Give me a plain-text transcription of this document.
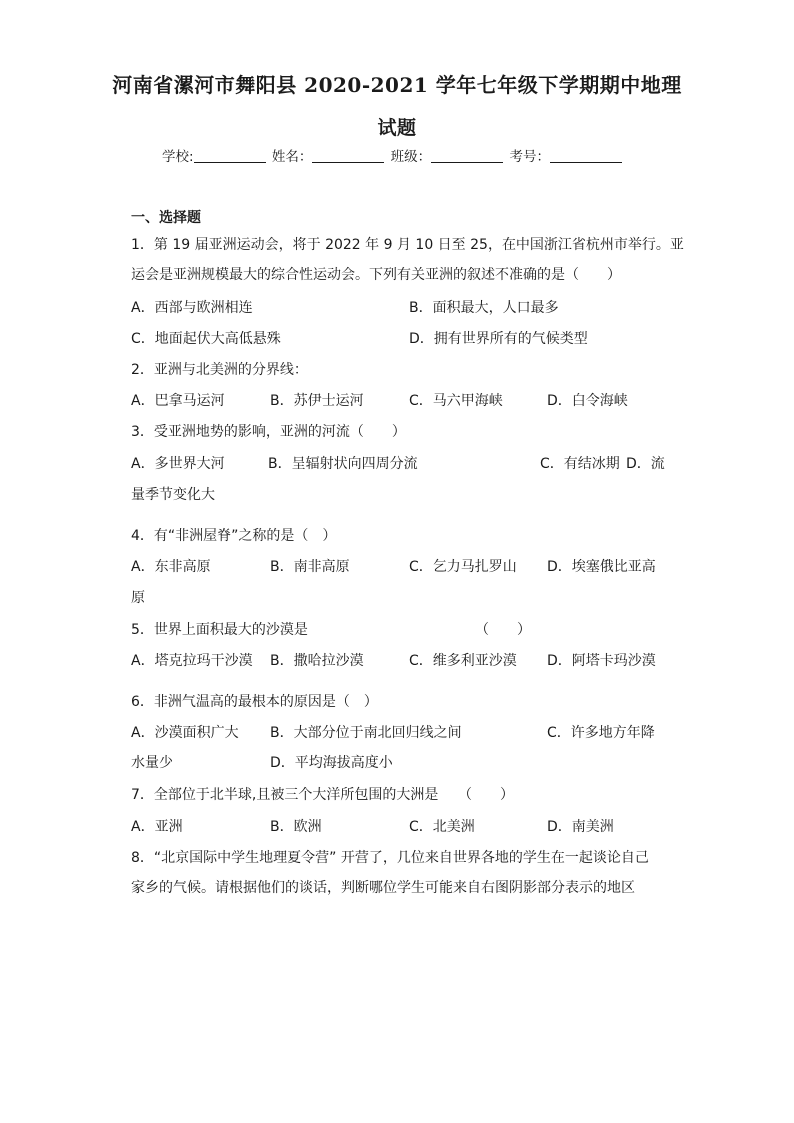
河南省漯河市舞阳县 2020-2021 学年七年级下学期期中地理
试题
学校:	姓名：	班级：	考号：
一、选择题
1．第 19 届亚洲运动会，将于 2022 年 9 月 10 日至 25，在中国浙江省杭州市举行。亚
运会是亚洲规模最大的综合性运动会。下列有关亚洲的叙述不准确的是（　　）
A．西部与欧洲相连	B．面积最大，人口最多
C．地面起伏大高低悬殊	D．拥有世界所有的气候类型
2．亚洲与北美洲的分界线：
A．巴拿马运河	B．苏伊士运河	C．马六甲海峡	D．白令海峡
3．受亚洲地势的影响，亚洲的河流（　　）
A．多世界大河	B．呈辐射状向四周分流	C．有结冰期 D．流
量季节变化大
4．有“非洲屋脊”之称的是（　）
A．东非高原	B．南非高原	C．乞力马扎罗山 D．埃塞俄比亚高
原
5．世界上面积最大的沙漠是	（　　）
A．塔克拉玛干沙漠 B．撒哈拉沙漠	C．维多利亚沙漠 D．阿塔卡玛沙漠
6．非洲气温高的最根本的原因是（　）
A．沙漠面积广大 B．大部分位于南北回归线之间	C．许多地方年降
水量少	D．平均海拔高度小
7．全部位于北半球,且被三个大洋所包围的大洲是 （　　）
A．亚洲	B．欧洲	C．北美洲	D．南美洲
8．“北京国际中学生地理夏令营” 开营了，几位来自世界各地的学生在一起谈论自己
家乡的气候。请根据他们的谈话，判断哪位学生可能来自右图阴影部分表示的地区
